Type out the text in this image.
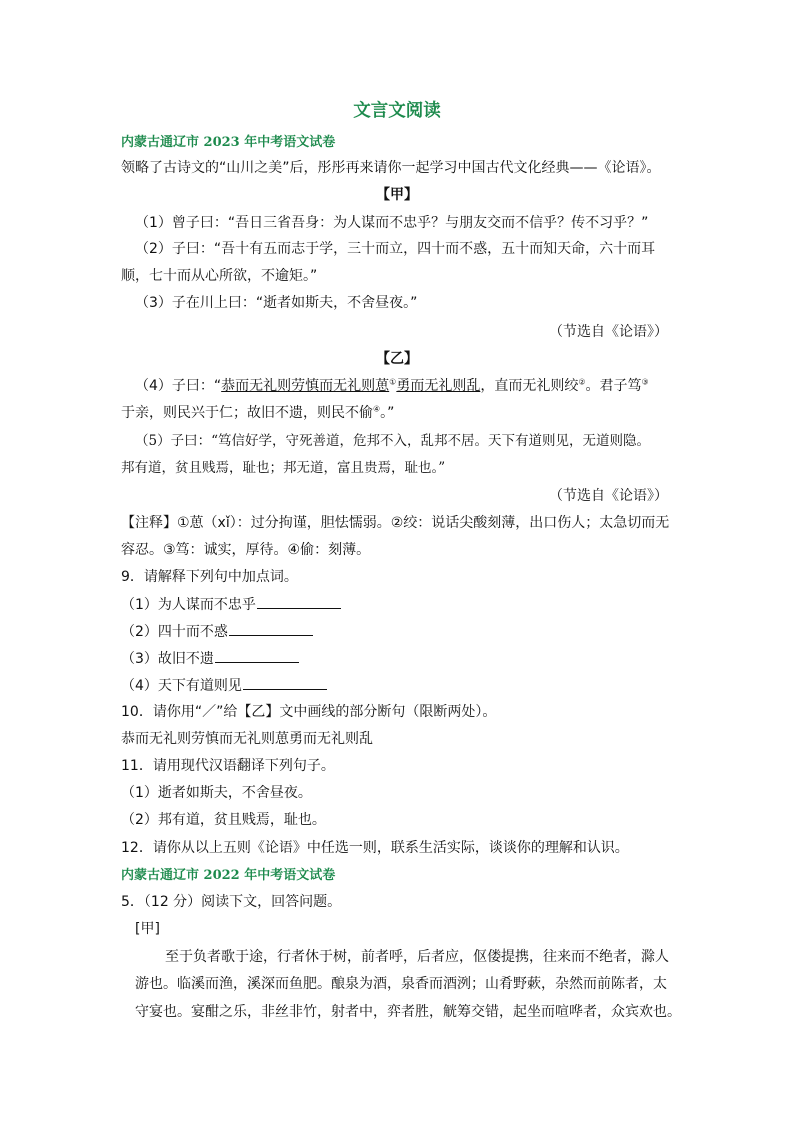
文言文阅读
内蒙古通辽市 2023 年中考语文试卷
领略了古诗文的“山川之美”后，彤彤再来请你一起学习中国古代文化经典——《论语》。
【甲】
（1）曾子曰：“吾日三省吾身：为人谋而不忠乎？与朋友交而不信乎？传不习乎？”
（2）子曰：“吾十有五而志于学，三十而立，四十而不惑，五十而知天命，六十而耳
顺，七十而从心所欲，不逾矩。”
（3）子在川上曰：“逝者如斯夫，不舍昼夜。”
（节选自《论语》）
【乙】
（4）子曰：“恭而无礼则劳慎而无礼则葸①勇而无礼则乱，直而无礼则绞②。君子笃③
于亲，则民兴于仁；故旧不遗，则民不偷④。”
（5）子曰：“笃信好学，守死善道，危邦不入，乱邦不居。天下有道则见，无道则隐。
邦有道，贫且贱焉，耻也；邦无道，富且贵焉，耻也。”
（节选自《论语》）
【注释】①葸（xǐ）：过分拘谨，胆怯懦弱。②绞：说话尖酸刻薄，出口伤人；太急切而无
容忍。③笃：诚实，厚待。④偷：刻薄。
9．请解释下列句中加点词。
（1）为人谋而不忠乎
（2）四十而不惑
（3）故旧不遗
（4）天下有道则见
10．请你用“／”给【乙】文中画线的部分断句（限断两处）。
恭而无礼则劳慎而无礼则葸勇而无礼则乱
11．请用现代汉语翻译下列句子。
（1）逝者如斯夫，不舍昼夜。
（2）邦有道，贫且贱焉，耻也。
12．请你从以上五则《论语》中任选一则，联系生活实际，谈谈你的理解和认识。
内蒙古通辽市 2022 年中考语文试卷
5．（12 分）阅读下文，回答问题。
[甲]
至于负者歌于途，行者休于树，前者呼，后者应，伛偻提携，往来而不绝者，滁人
游也。临溪而渔，溪深而鱼肥。酿泉为酒，泉香而酒洌；山肴野蔌，杂然而前陈者，太
守宴也。宴酣之乐，非丝非竹，射者中，弈者胜，觥筹交错，起坐而喧哗者，众宾欢也。
